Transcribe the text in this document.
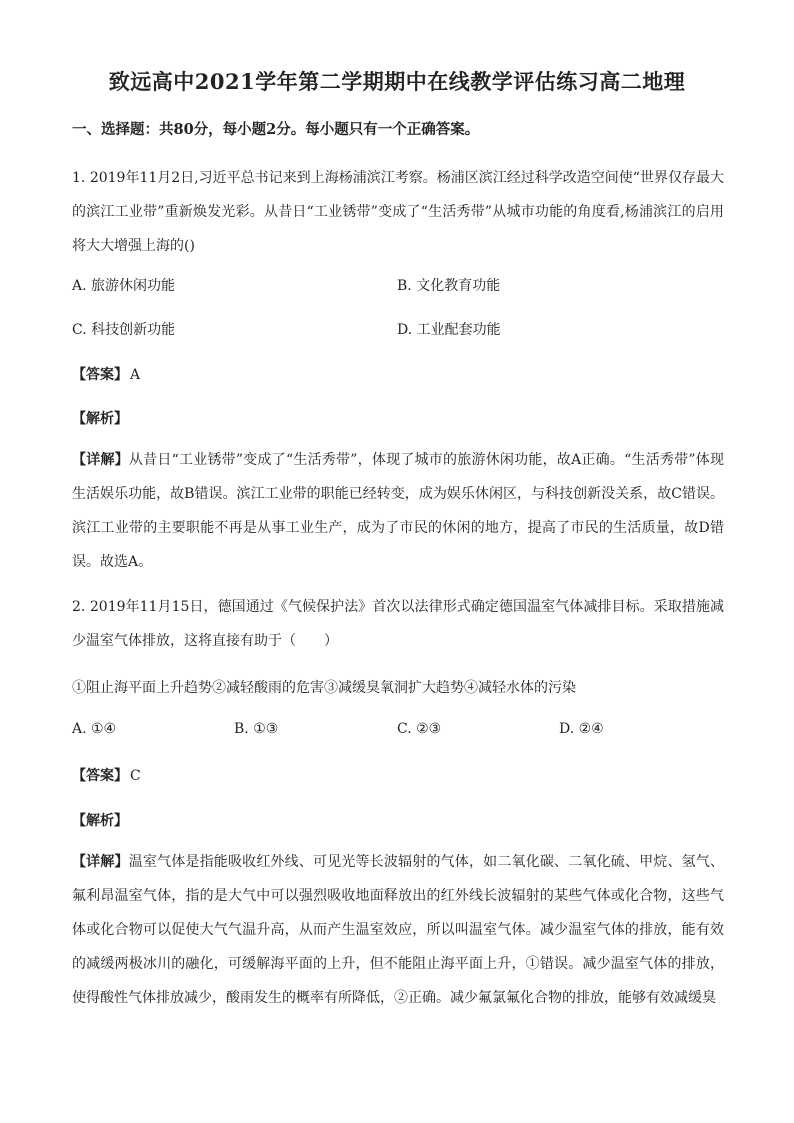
致远高中2021学年第二学期期中在线教学评估练习高二地理
一、选择题：共80分，每小题2分。每小题只有一个正确答案。
1. 2019年11月2日,习近平总书记来到上海杨浦滨江考察。杨浦区滨江经过科学改造空间使“世界仅存最大的滨江工业带”重新焕发光彩。从昔日“工业锈带”变成了“生活秀带”从城市功能的角度看,杨浦滨江的启用将大大增强上海的()
A. 旅游休闲功能	B. 文化教育功能
C. 科技创新功能	D. 工业配套功能
【答案】 A
【解析】
【详解】从昔日“工业锈带”变成了“生活秀带”，体现了城市的旅游休闲功能，故A正确。“生活秀带”体现生活娱乐功能，故B错误。滨江工业带的职能已经转变，成为娱乐休闲区，与科技创新没关系，故C错误。滨江工业带的主要职能不再是从事工业生产，成为了市民的休闲的地方，提高了市民的生活质量，故D错误。故选A。
2. 2019年11月15日，德国通过《气候保护法》首次以法律形式确定德国温室气体减排目标。采取措施减少温室气体排放，这将直接有助于（　　）
①阻止海平面上升趋势②减轻酸雨的危害③减缓臭氧洞扩大趋势④减轻水体的污染
A. ①④	B. ①③	C. ②③	D. ②④
【答案】 C
【解析】
【详解】温室气体是指能吸收红外线、可见光等长波辐射的气体，如二氧化碳、二氧化硫、甲烷、氢气、氟利昂温室气体，指的是大气中可以强烈吸收地面释放出的红外线长波辐射的某些气体或化合物，这些气体或化合物可以促使大气气温升高，从而产生温室效应，所以叫温室气体。减少温室气体的排放，能有效的减缓两极冰川的融化，可缓解海平面的上升，但不能阻止海平面上升，①错误。减少温室气体的排放，使得酸性气体排放减少，酸雨发生的概率有所降低，②正确。减少氟氯氟化合物的排放，能够有效减缓臭
